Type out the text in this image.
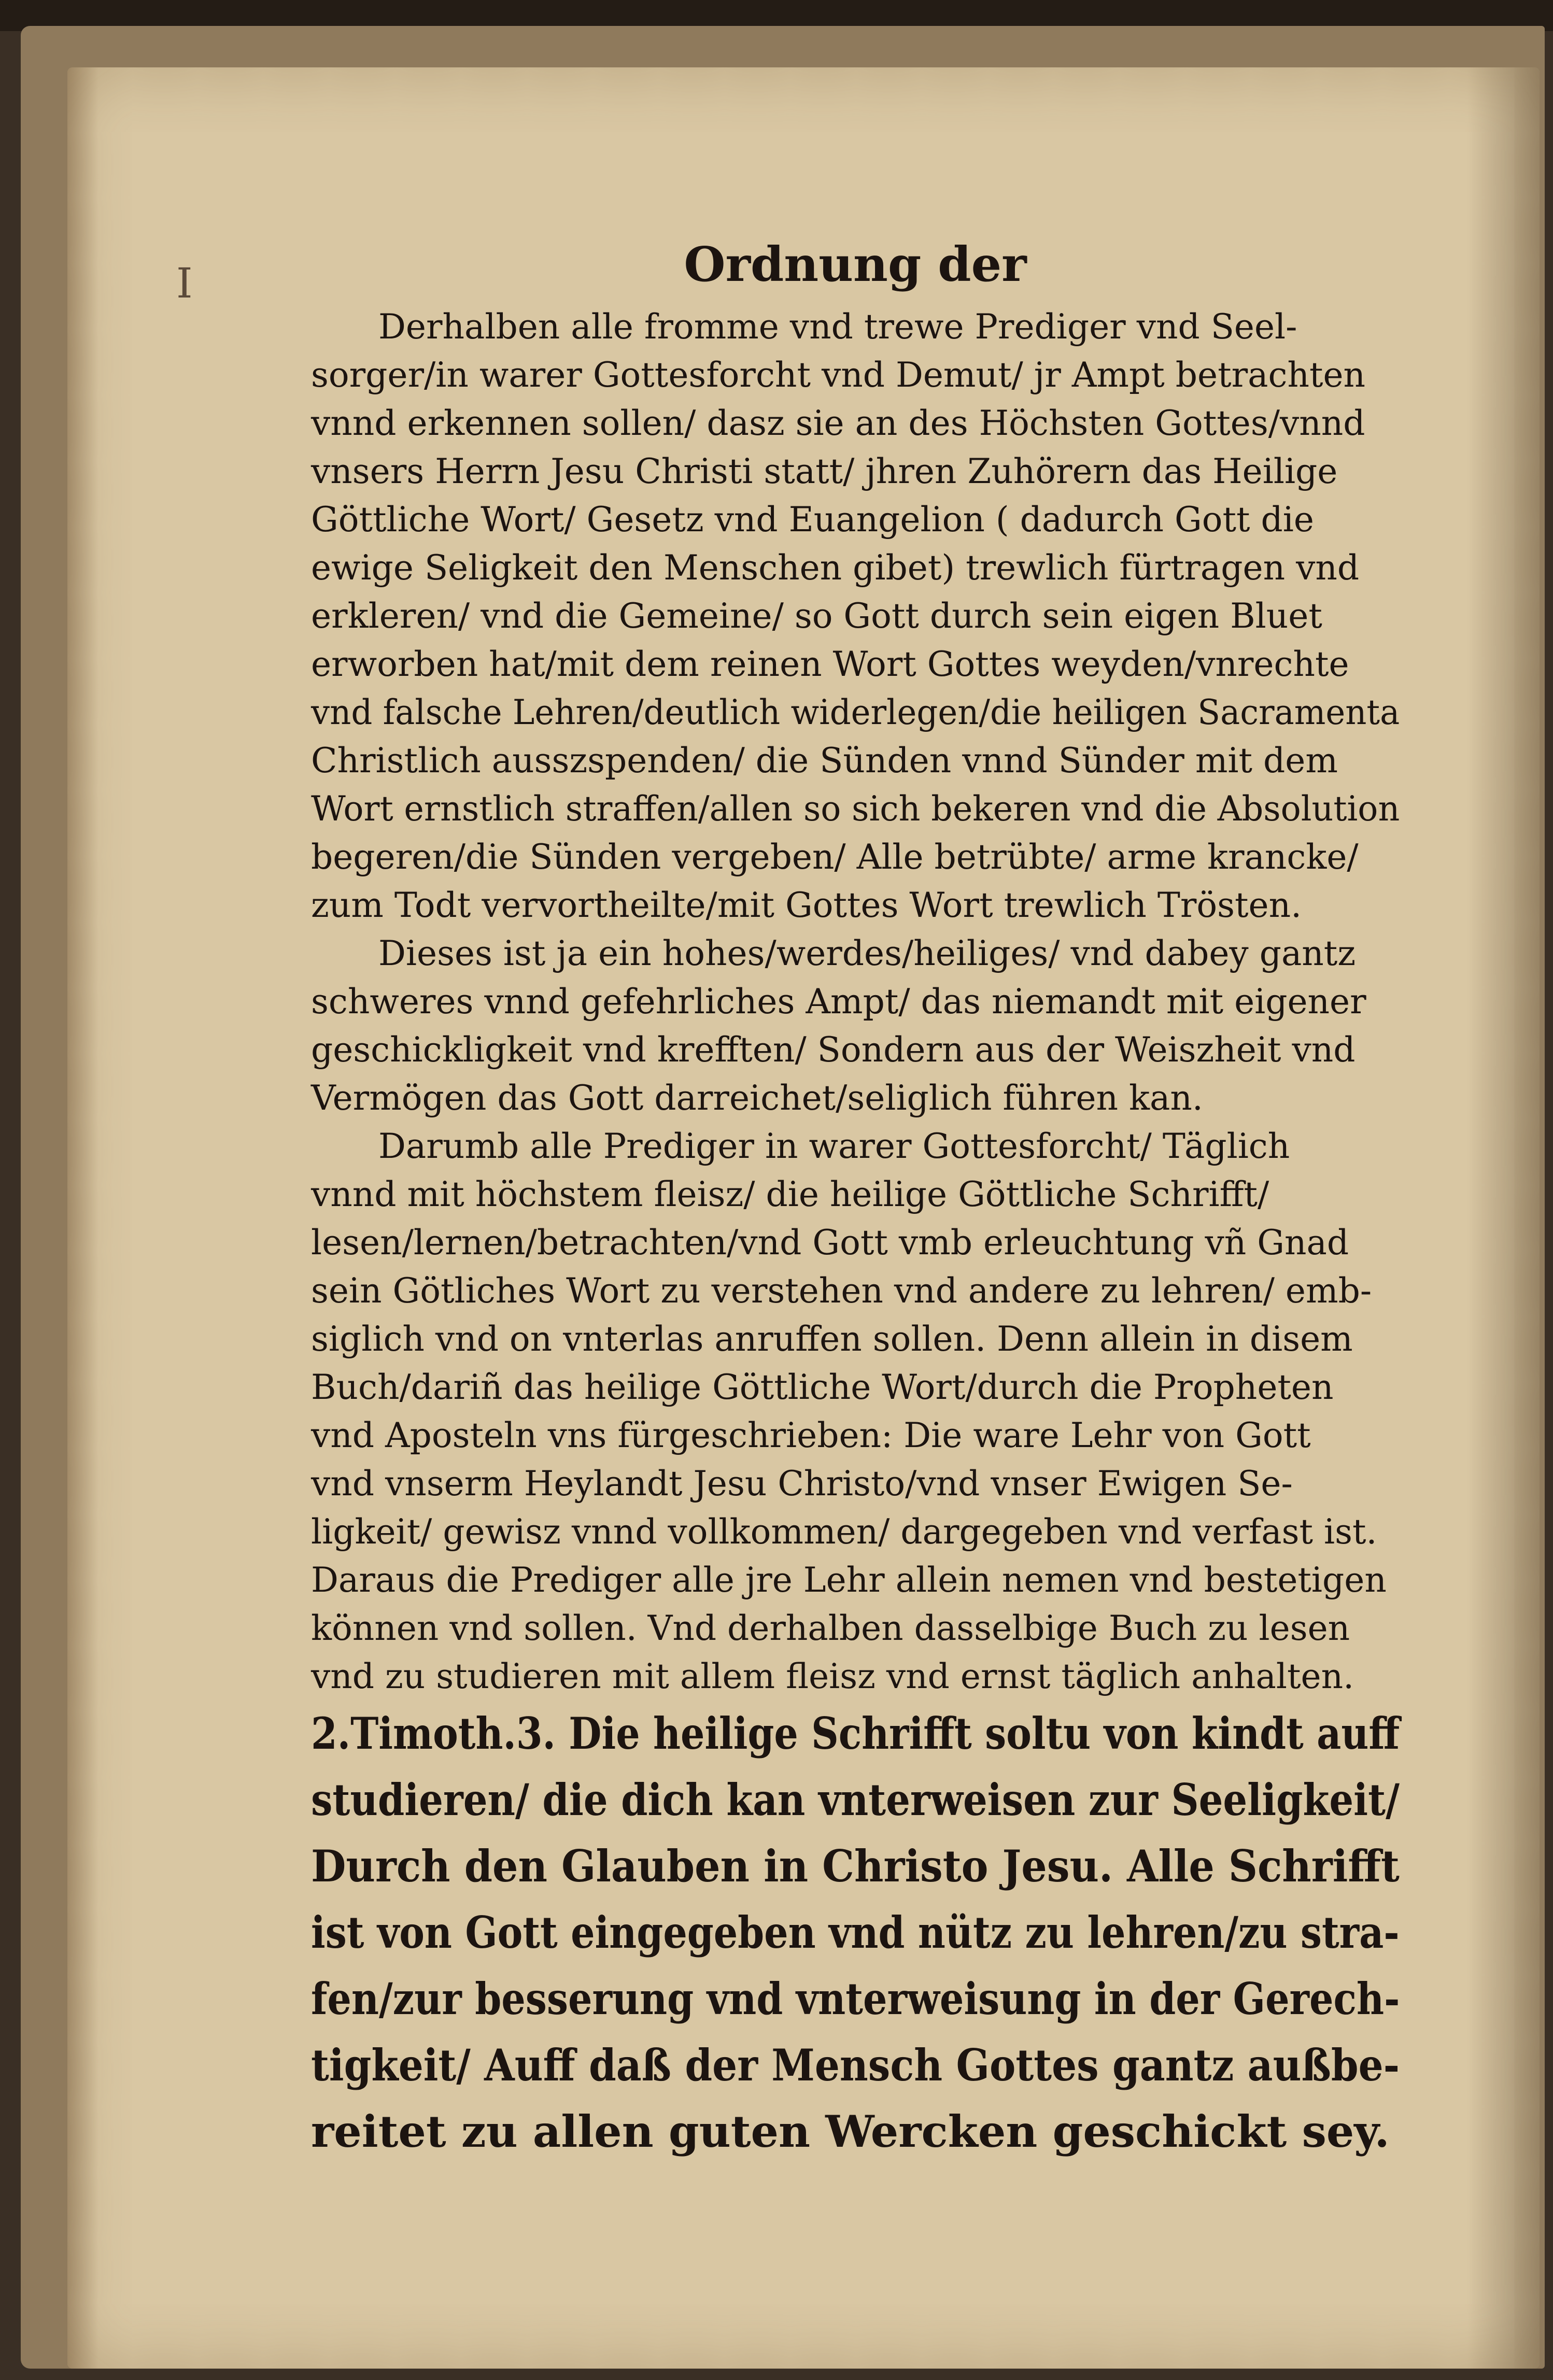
I	Ordnung der
Derhalben alle fromme vnd trewe Prediger vnd Seel-
sorger/in warer Gottesforcht vnd Demut/ jr Ampt betrachten
vnnd erkennen sollen/ dasz sie an des Höchsten Gottes/vnnd
vnsers Herrn Jesu Christi statt/ jhren Zuhörern das Heilige
Göttliche Wort/ Gesetz vnd Euangelion ( dadurch Gott die
ewige Seligkeit den Menschen gibet) trewlich fürtragen vnd
erkleren/ vnd die Gemeine/ so Gott durch sein eigen Bluet
erworben hat/mit dem reinen Wort Gottes weyden/vnrechte
vnd falsche Lehren/deutlich widerlegen/die heiligen Sacramenta
Christlich ausszspenden/ die Sünden vnnd Sünder mit dem
Wort ernstlich straffen/allen so sich bekeren vnd die Absolution
begeren/die Sünden vergeben/ Alle betrübte/ arme krancke/
zum Todt vervortheilte/mit Gottes Wort trewlich Trösten.
Dieses ist ja ein hohes/werdes/heiliges/ vnd dabey gantz
schweres vnnd gefehrliches Ampt/ das niemandt mit eigener
geschickligkeit vnd krefften/ Sondern aus der Weiszheit vnd
Vermögen das Gott darreichet/seliglich führen kan.
Darumb alle Prediger in warer Gottesforcht/ Täglich
vnnd mit höchstem fleisz/ die heilige Göttliche Schrifft/
lesen/lernen/betrachten/vnd Gott vmb erleuchtung vñ Gnad
sein Götliches Wort zu verstehen vnd andere zu lehren/ emb-
siglich vnd on vnterlas anruffen sollen. Denn allein in disem
Buch/dariñ das heilige Göttliche Wort/durch die Propheten
vnd Aposteln vns fürgeschrieben: Die ware Lehr von Gott
vnd vnserm Heylandt Jesu Christo/vnd vnser Ewigen Se-
ligkeit/ gewisz vnnd vollkommen/ dargegeben vnd verfast ist.
Daraus die Prediger alle jre Lehr allein nemen vnd bestetigen
können vnd sollen. Vnd derhalben dasselbige Buch zu lesen
vnd zu studieren mit allem fleisz vnd ernst täglich anhalten.
2.Timoth.3. Die heilige Schrifft soltu von kindt auff
studieren/ die dich kan vnterweisen zur Seeligkeit/
Durch den Glauben in Christo Jesu. Alle Schrifft
ist von Gott eingegeben vnd nütz zu lehren/zu stra-
fen/zur besserung vnd vnterweisung in der Gerech-
tigkeit/ Auff daß der Mensch Gottes gantz außbe-
reitet zu allen guten Wercken geschickt sey.
